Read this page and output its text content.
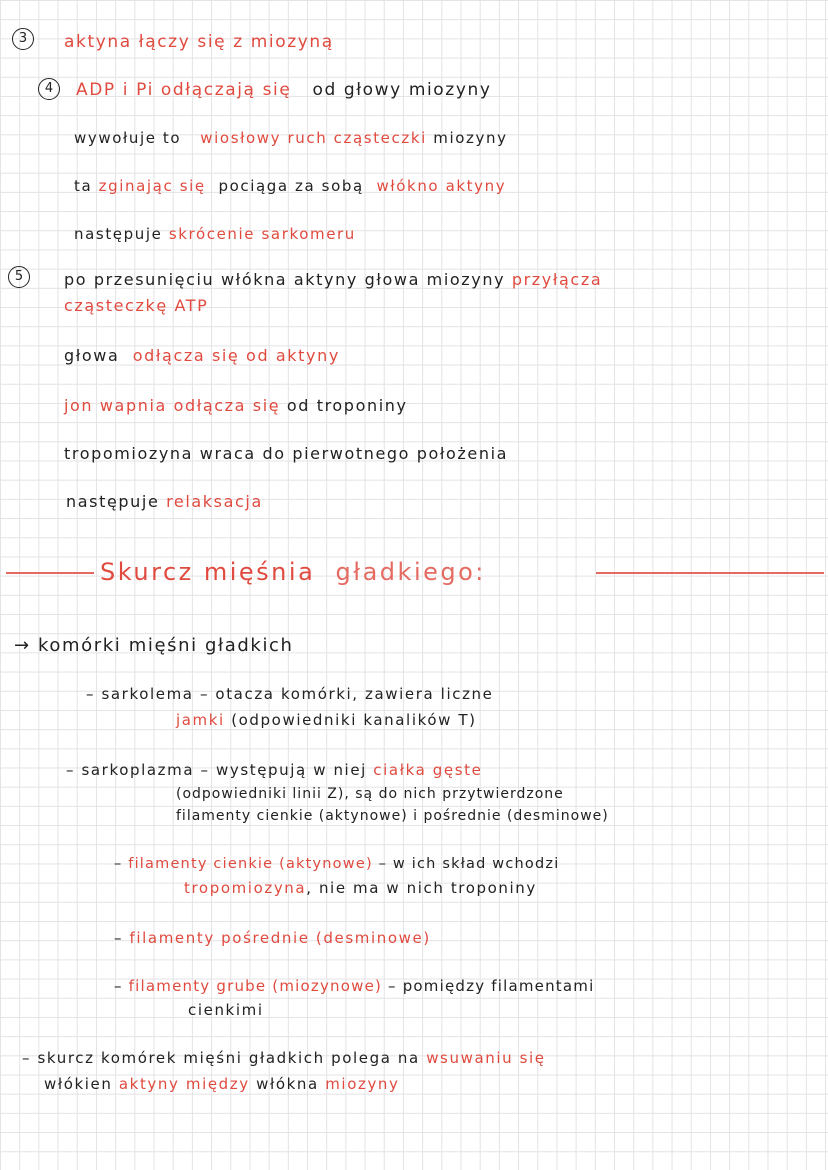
3	aktyna łączy się z miozyną
4	ADP i Pi odłączają się od głowy miozyny
wywołuje to wiosłowy ruch cząsteczki miozyny
ta zginając się pociąga za sobą włókno aktyny
następuje skrócenie sarkomeru
5	po przesunięciu włókna aktyny głowa miozyny przyłącza
cząsteczkę ATP
głowa odłącza się od aktyny
jon wapnia odłącza się od troponiny
tropomiozyna wraca do pierwotnego położenia
następuje relaksacja
Skurcz mięśnia gładkiego:
→ komórki mięśni gładkich
– sarkolema – otacza komórki, zawiera liczne
jamki (odpowiedniki kanalików T)
– sarkoplazma – występują w niej ciałka gęste
(odpowiedniki linii Z), są do nich przytwierdzone
filamenty cienkie (aktynowe) i pośrednie (desminowe)
– filamenty cienkie (aktynowe) – w ich skład wchodzi
tropomiozyna, nie ma w nich troponiny
– filamenty pośrednie (desminowe)
– filamenty grube (miozynowe) – pomiędzy filamentami
cienkimi
– skurcz komórek mięśni gładkich polega na wsuwaniu się
włókien aktyny między włókna miozyny
